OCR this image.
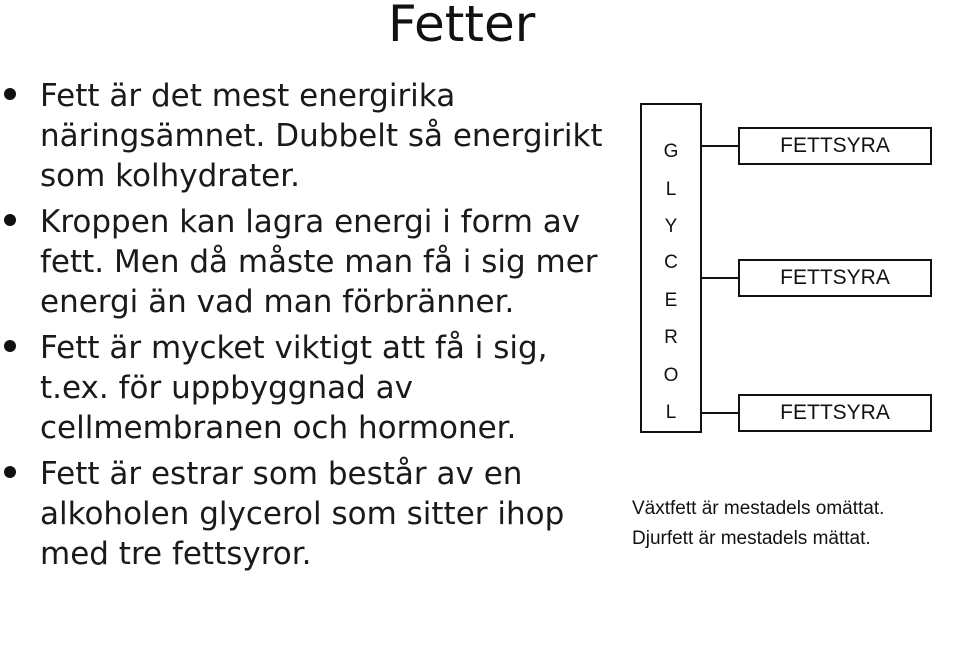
Fetter
Fett är det mest energirika näringsämnet. Dubbelt så energirikt som kolhydrater.
Kroppen kan lagra energi i form av fett. Men då måste man få i sig mer energi än vad man förbränner.
Fett är mycket viktigt att få i sig, t.ex. för uppbyggnad av cellmembranen och hormoner.
Fett är estrar som består av en alkoholen glycerol som sitter ihop med tre fettsyror.
G
L
Y
C
E
R
O
L
FETTSYRA
FETTSYRA
FETTSYRA
Växtfett är mestadels omättat.
Djurfett är mestadels mättat.
